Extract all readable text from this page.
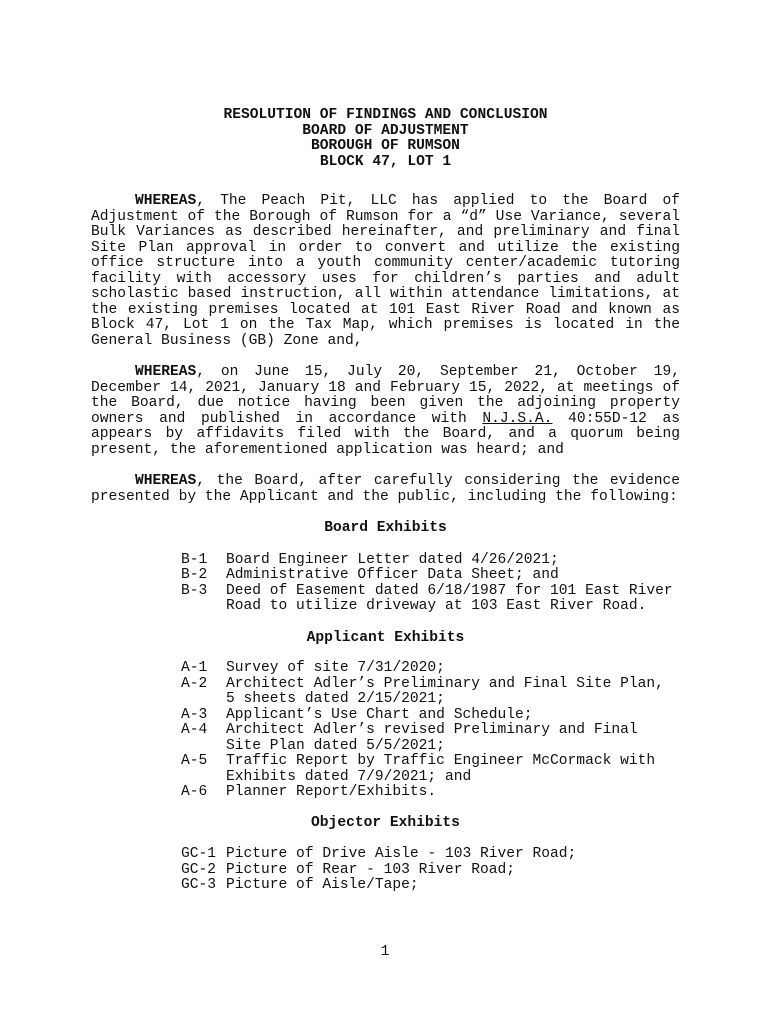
RESOLUTION OF FINDINGS AND CONCLUSION
BOARD OF ADJUSTMENT
BOROUGH OF RUMSON
BLOCK 47, LOT 1

WHEREAS, The Peach Pit, LLC has applied to the Board of Adjustment of the Borough of Rumson for a “d” Use Variance, several Bulk Variances as described hereinafter, and preliminary and final Site Plan approval in order to convert and utilize the existing office structure into a youth community center/academic tutoring facility with accessory uses for children’s parties and adult scholastic based instruction, all within attendance limitations, at the existing premises located at 101 East River Road and known as Block 47, Lot 1 on the Tax Map, which premises is located in the General Business (GB) Zone and,

WHEREAS, on June 15, July 20, September 21, October 19, December 14, 2021, January 18 and February 15, 2022, at meetings of the Board, due notice having been given the adjoining property owners and published in accordance with N.J.S.A. 40:55D-12 as appears by affidavits filed with the Board, and a quorum being present, the aforementioned application was heard; and

WHEREAS, the Board, after carefully considering the evidence presented by the Applicant and the public, including the following:

Board Exhibits
B-1	Board Engineer Letter dated 4/26/2021;
B-2	Administrative Officer Data Sheet; and
B-3	Deed of Easement dated 6/18/1987 for 101 East River Road to utilize driveway at 103 East River Road.
Applicant Exhibits
A-1	Survey of site 7/31/2020;
A-2	Architect Adler’s Preliminary and Final Site Plan, 5 sheets dated 2/15/2021;
A-3	Applicant’s Use Chart and Schedule;
A-4	Architect Adler’s revised Preliminary and Final Site Plan dated 5/5/2021;
A-5	Traffic Report by Traffic Engineer McCormack with Exhibits dated 7/9/2021; and
A-6	Planner Report/Exhibits.
Objector Exhibits
GC-1 Picture of Drive Aisle - 103 River Road;
GC-2 Picture of Rear - 103 River Road;
GC-3 Picture of Aisle/Tape;
1
